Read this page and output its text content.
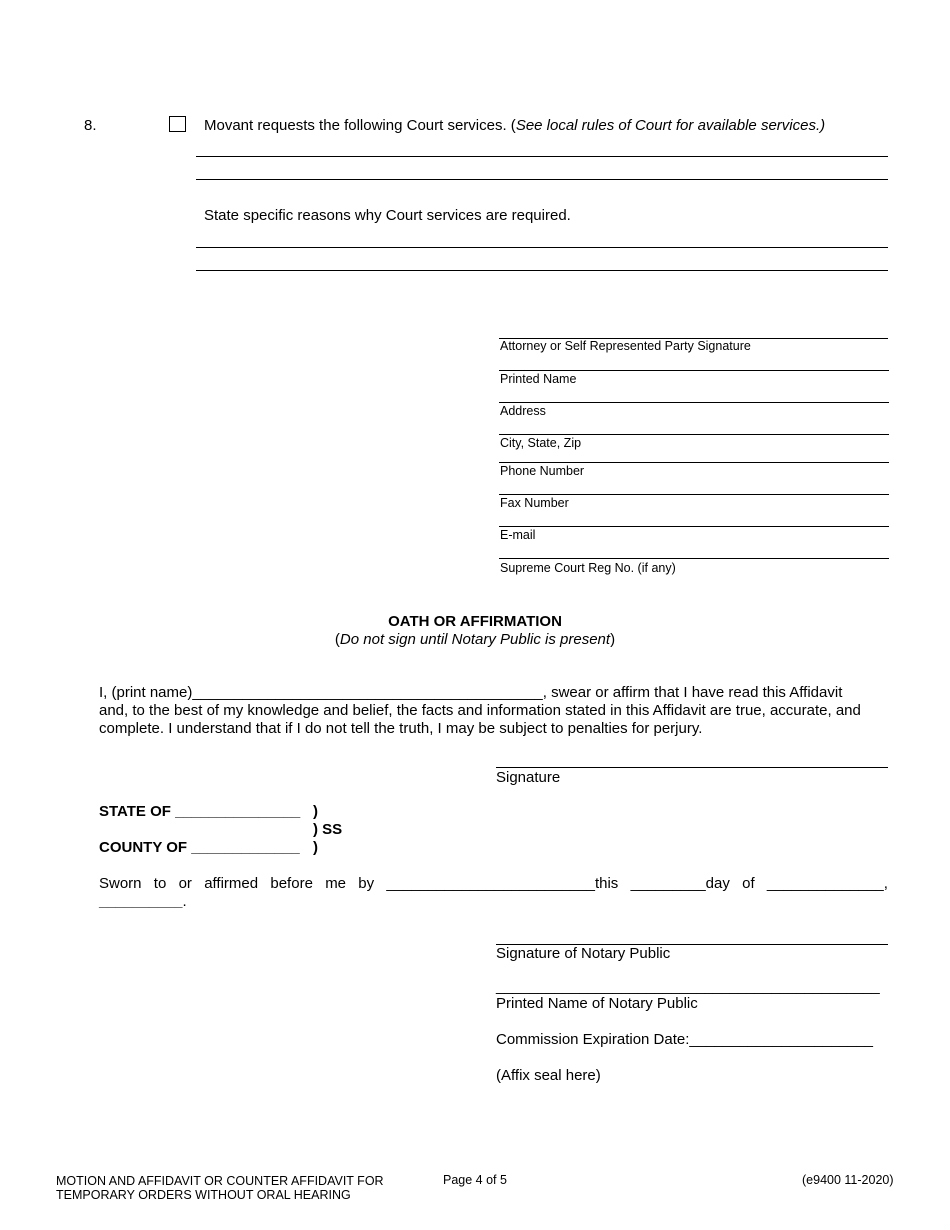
8.	Movant requests the following Court services. (See local rules of Court for available services.)
State specific reasons why Court services are required.
Attorney or Self Represented Party Signature
Printed Name
Address
City, State, Zip
Phone Number
Fax Number
E-mail
Supreme Court Reg No. (if any)
OATH OR AFFIRMATION
(Do not sign until Notary Public is present)
I, (print name)__________________________________________, swear or affirm that I have read this Affidavit
and, to the best of my knowledge and belief, the facts and information stated in this Affidavit are true, accurate, and
complete. I understand that if I do not tell the truth, I may be subject to penalties for perjury.
Signature
STATE OF _______________ )
) SS
COUNTY OF _____________ )
Sworn to or affirmed before me by _________________________this _________day of ______________,
__________.
Signature of Notary Public
______________________________________________
Printed Name of Notary Public
Commission Expiration Date:______________________
(Affix seal here)
MOTION AND AFFIDAVIT OR COUNTER AFFIDAVIT FOR
TEMPORARY ORDERS WITHOUT ORAL HEARING
Page 4 of 5	(e9400 11-2020)
